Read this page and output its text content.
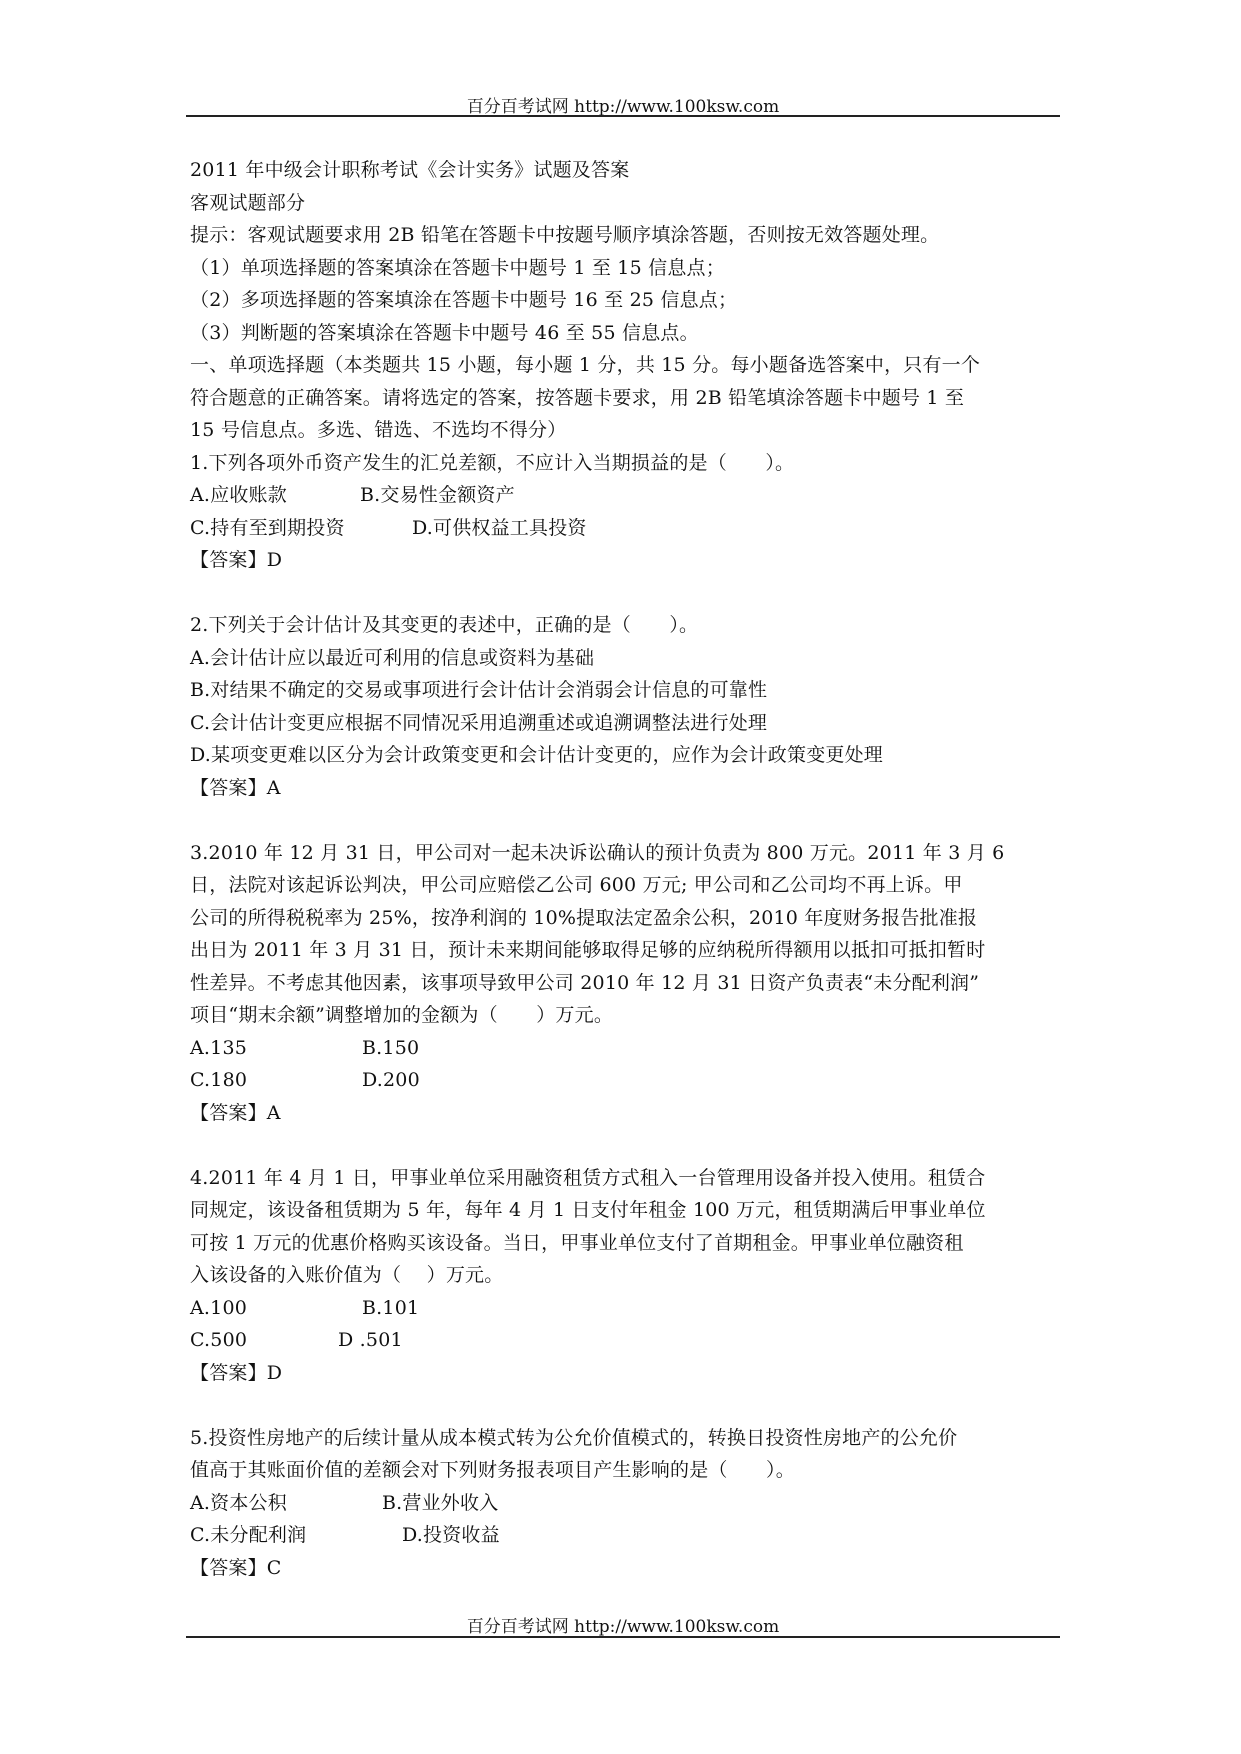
百分百考试网 http://www.100ksw.com
2011 年中级会计职称考试《会计实务》试题及答案
客观试题部分
提示：客观试题要求用 2B 铅笔在答题卡中按题号顺序填涂答题，否则按无效答题处理。
（1）单项选择题的答案填涂在答题卡中题号 1 至 15 信息点；
（2）多项选择题的答案填涂在答题卡中题号 16 至 25 信息点；
（3）判断题的答案填涂在答题卡中题号 46 至 55 信息点。
一、单项选择题（本类题共 15 小题，每小题 1 分，共 15 分。每小题备选答案中，只有一个
符合题意的正确答案。请将选定的答案，按答题卡要求，用 2B 铅笔填涂答题卡中题号 1 至
15 号信息点。多选、错选、不选均不得分）
1.下列各项外币资产发生的汇兑差额，不应计入当期损益的是（　　）。
A.应收账款	B.交易性金额资产
C.持有至到期投资	D.可供权益工具投资
【答案】D
2.下列关于会计估计及其变更的表述中，正确的是（　　）。
A.会计估计应以最近可利用的信息或资料为基础
B.对结果不确定的交易或事项进行会计估计会消弱会计信息的可靠性
C.会计估计变更应根据不同情况采用追溯重述或追溯调整法进行处理
D.某项变更难以区分为会计政策变更和会计估计变更的，应作为会计政策变更处理
【答案】A
3.2010 年 12 月 31 日，甲公司对一起未决诉讼确认的预计负责为 800 万元。2011 年 3 月 6
日，法院对该起诉讼判决，甲公司应赔偿乙公司 600 万元; 甲公司和乙公司均不再上诉。甲
公司的所得税税率为 25%，按净利润的 10%提取法定盈余公积，2010 年度财务报告批准报
出日为 2011 年 3 月 31 日，预计未来期间能够取得足够的应纳税所得额用以抵扣可抵扣暂时
性差异。不考虑其他因素，该事项导致甲公司 2010 年 12 月 31 日资产负责表“未分配利润”
项目“期末余额”调整增加的金额为（　　）万元。
A.135	B.150
C.180	D.200
【答案】A
4.2011 年 4 月 1 日，甲事业单位采用融资租赁方式租入一台管理用设备并投入使用。租赁合
同规定，该设备租赁期为 5 年，每年 4 月 1 日支付年租金 100 万元，租赁期满后甲事业单位
可按 1 万元的优惠价格购买该设备。当日，甲事业单位支付了首期租金。甲事业单位融资租
入该设备的入账价值为（　 ）万元。
A.100	B.101
C.500	D .501
【答案】D
5.投资性房地产的后续计量从成本模式转为公允价值模式的，转换日投资性房地产的公允价
值高于其账面价值的差额会对下列财务报表项目产生影响的是（　　）。
A.资本公积	B.营业外收入
C.未分配利润	D.投资收益
【答案】C
百分百考试网 http://www.100ksw.com
